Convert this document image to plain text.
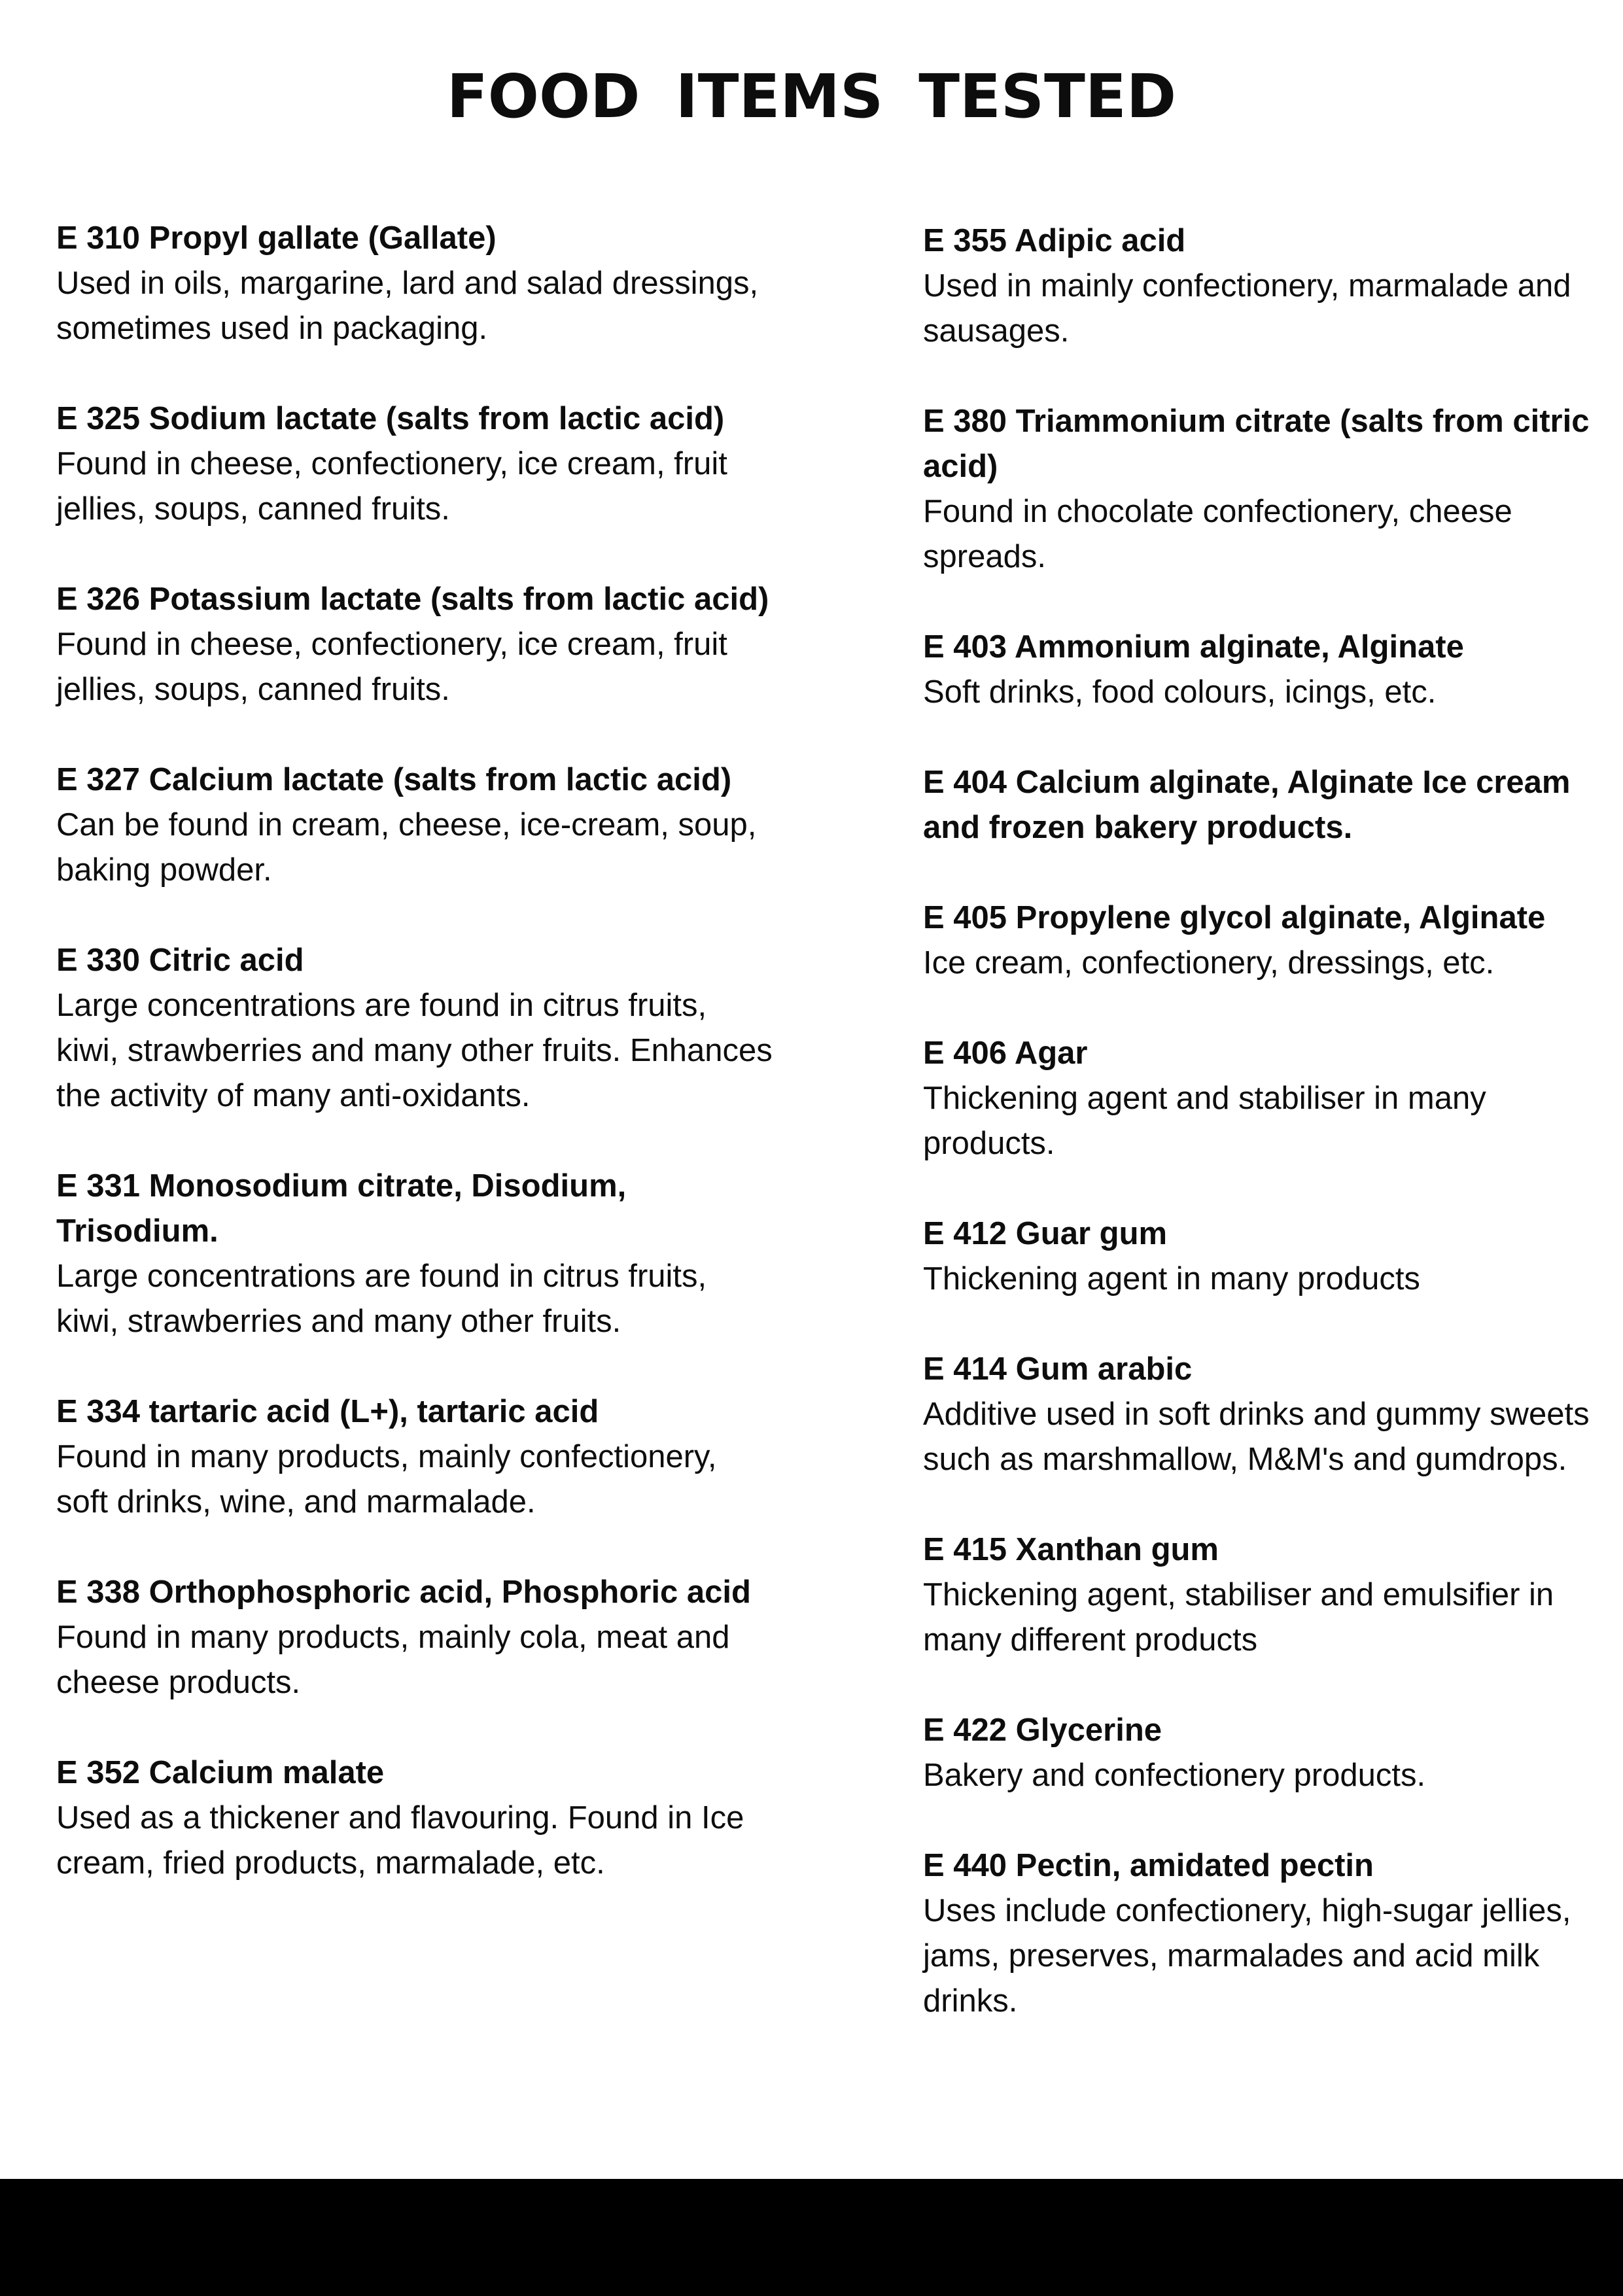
FOOD ITEMS TESTED
E 310 Propyl gallate (Gallate)
Used in oils, margarine, lard and salad dressings, sometimes used in packaging.
E 325 Sodium lactate (salts from lactic acid)
Found in cheese, confectionery, ice cream, fruit jellies, soups, canned fruits.
E 326 Potassium lactate (salts from lactic acid)
Found in cheese, confectionery, ice cream, fruit jellies, soups, canned fruits.
E 327 Calcium lactate (salts from lactic acid)
Can be found in cream, cheese, ice-cream, soup, baking powder.
E 330 Citric acid
Large concentrations are found in citrus fruits, kiwi, strawberries and many other fruits. Enhances the activity of many anti-oxidants.
E 331 Monosodium citrate, Disodium, Trisodium.
Large concentrations are found in citrus fruits, kiwi, strawberries and many other fruits.
E 334 tartaric acid (L+), tartaric acid
Found in many products, mainly confectionery, soft drinks, wine, and marmalade.
E 338 Orthophosphoric acid, Phosphoric acid
Found in many products, mainly cola, meat and cheese products.
E 352 Calcium malate
Used as a thickener and flavouring. Found in Ice cream, fried products, marmalade, etc.
E 355 Adipic acid
Used in mainly confectionery, marmalade and sausages.
E 380 Triammonium citrate (salts from citric acid)
Found in chocolate confectionery, cheese spreads.
E 403 Ammonium alginate, Alginate
Soft drinks, food colours, icings, etc.
E 404 Calcium alginate, Alginate Ice cream and frozen bakery products.
E 405 Propylene glycol alginate, Alginate
Ice cream, confectionery, dressings, etc.
E 406 Agar
Thickening agent and stabiliser in many products.
E 412 Guar gum
Thickening agent in many products
E 414 Gum arabic
Additive used in soft drinks and gummy sweets such as marshmallow, M&M's and gumdrops.
E 415 Xanthan gum
Thickening agent, stabiliser and emulsifier in many different products
E 422 Glycerine
Bakery and confectionery products.
E 440 Pectin, amidated pectin
Uses include confectionery, high-sugar jellies, jams, preserves, marmalades and acid milk drinks.
